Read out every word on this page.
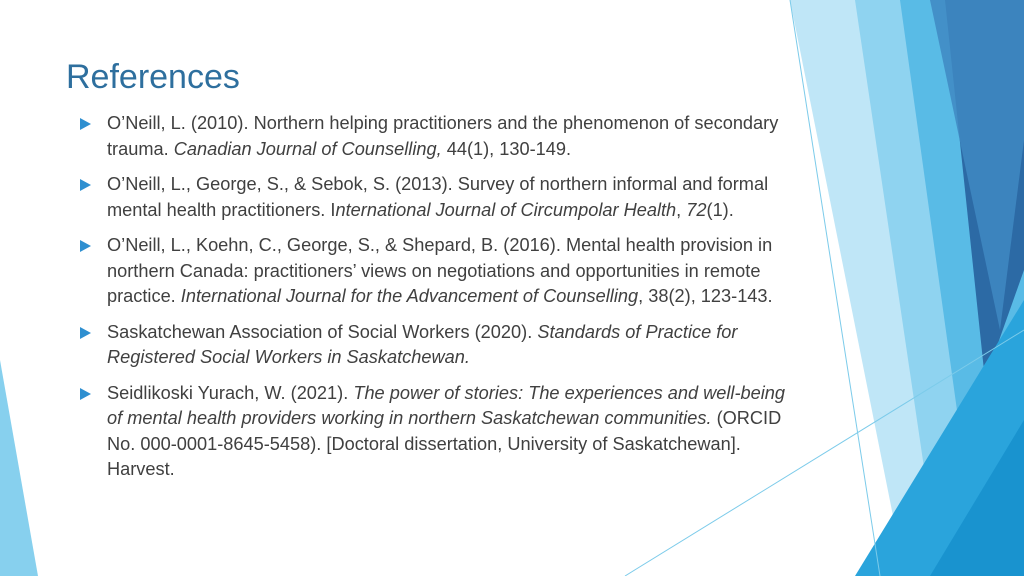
References
O’Neill, L. (2010). Northern helping practitioners and the phenomenon of secondary trauma. Canadian Journal of Counselling, 44(1), 130-149.
O’Neill, L., George, S., & Sebok, S. (2013). Survey of northern informal and formal mental health practitioners. International Journal of Circumpolar Health, 72(1).
O’Neill, L., Koehn, C., George, S., & Shepard, B. (2016). Mental health provision in northern Canada: practitioners’ views on negotiations and opportunities in remote practice. International Journal for the Advancement of Counselling, 38(2), 123-143.
Saskatchewan Association of Social Workers (2020). Standards of Practice for Registered Social Workers in Saskatchewan.
Seidlikoski Yurach, W. (2021). The power of stories: The experiences and well-being of mental health providers working in northern Saskatchewan communities. (ORCID No. 000-0001-8645-5458). [Doctoral dissertation, University of Saskatchewan]. Harvest.
